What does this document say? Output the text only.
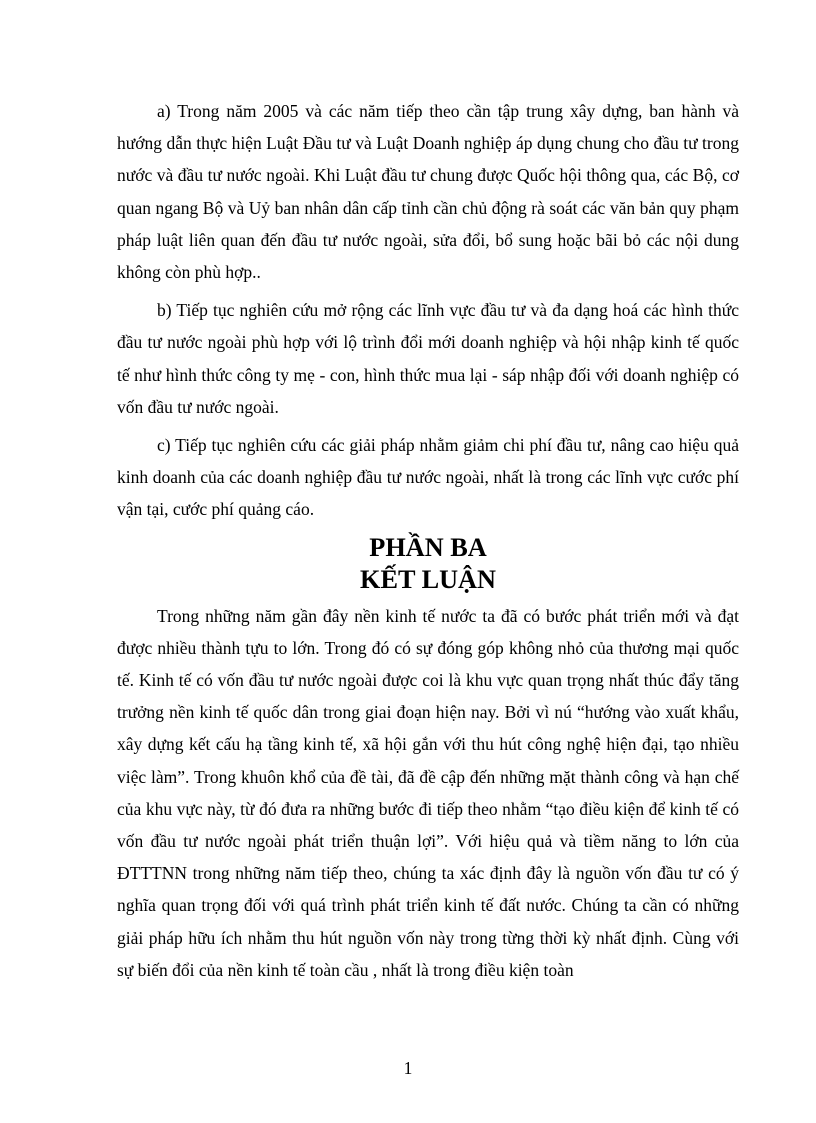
a) Trong năm 2005 và các năm tiếp theo cần tập trung xây dựng, ban hành và hướng dẫn thực hiện Luật Đầu tư và Luật Doanh nghiệp áp dụng chung cho đầu tư trong nước và đầu tư nước ngoài. Khi Luật đầu tư chung được Quốc hội thông qua, các Bộ, cơ quan ngang Bộ và Uỷ ban nhân dân cấp tỉnh cần chủ động rà soát các văn bản quy phạm pháp luật liên quan đến đầu tư nước ngoài, sửa đổi, bổ sung hoặc bãi bỏ các nội dung không còn phù hợp..

b) Tiếp tục nghiên cứu mở rộng các lĩnh vực đầu tư và đa dạng hoá các hình thức đầu tư nước ngoài phù hợp với lộ trình đổi mới doanh nghiệp và hội nhập kinh tế quốc tế như hình thức công ty mẹ - con, hình thức mua lại - sáp nhập đối với doanh nghiệp có vốn đầu tư nước ngoài.

c) Tiếp tục nghiên cứu các giải pháp nhằm giảm chi phí đầu tư, nâng cao hiệu quả kinh doanh của các doanh nghiệp đầu tư nước ngoài, nhất là trong các lĩnh vực cước phí vận tại, cước phí quảng cáo.

PHẦN BA
KẾT LUẬN

Trong những năm gần đây nền kinh tế nước ta đã có bước phát triển mới và đạt được nhiều thành tựu to lớn. Trong đó có sự đóng góp không nhỏ của thương mại quốc tế. Kinh tế có vốn đầu tư nước ngoài được coi là khu vực quan trọng nhất thúc đẩy tăng trưởng nền kinh tế quốc dân trong giai đoạn hiện nay. Bởi vì nú “hướng vào xuất khẩu, xây dựng kết cấu hạ tầng kinh tế, xã hội gắn với thu hút công nghệ hiện đại, tạo nhiều việc làm”. Trong khuôn khổ của đề tài, đã đề cập đến những mặt thành công và hạn chế của khu vực này, từ đó đưa ra những bước đi tiếp theo nhằm “tạo điều kiện để kinh tế có vốn đầu tư nước ngoài phát triển thuận lợi”. Với hiệu quả và tiềm năng to lớn của ĐTTTNN trong những năm tiếp theo, chúng ta xác định đây là nguồn vốn đầu tư có ý nghĩa quan trọng đối với quá trình phát triển kinh tế đất nước. Chúng ta cần có những giải pháp hữu ích nhằm thu hút nguồn vốn này trong từng thời kỳ nhất định. Cùng với sự biến đổi của nền kinh tế toàn cầu , nhất là trong điều kiện toàn

1
